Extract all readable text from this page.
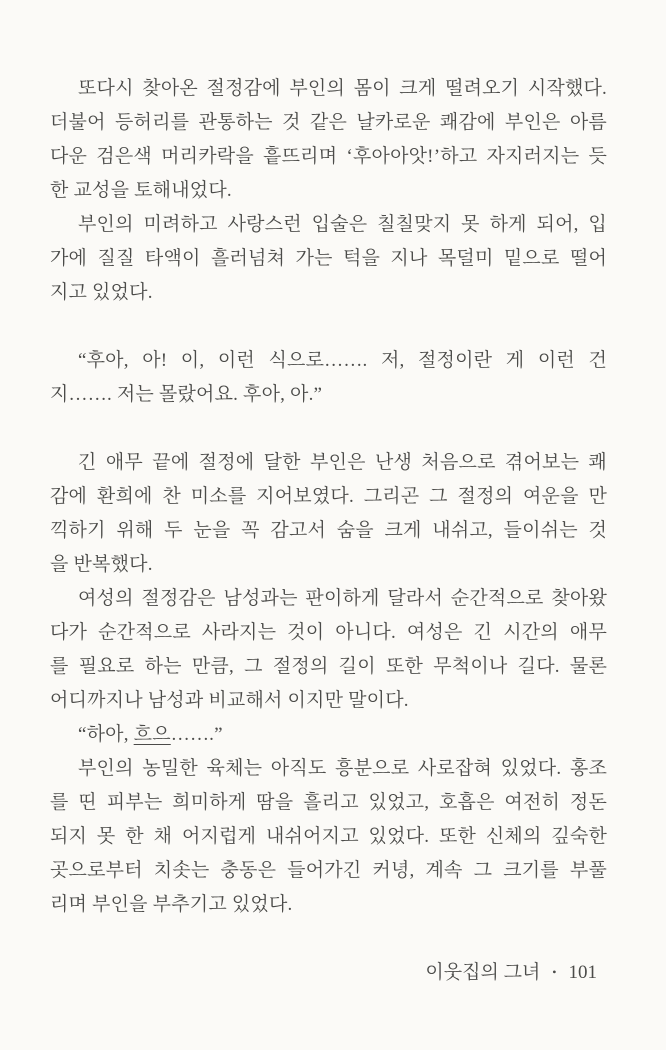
또다시 찾아온 절정감에 부인의 몸이 크게 떨려오기 시작했다.
더불어 등허리를 관통하는 것 같은 날카로운 쾌감에 부인은 아름
다운 검은색 머리카락을 흩뜨리며 ‘후아아앗!’하고 자지러지는 듯
한 교성을 토해내었다.
부인의 미려하고 사랑스런 입술은 칠칠맞지 못 하게 되어, 입
가에 질질 타액이 흘러넘쳐 가는 턱을 지나 목덜미 밑으로 떨어
지고 있었다.
“후아, 아! 이, 이런 식으로……. 저, 절정이란 게 이런 건
지……. 저는 몰랐어요. 후아, 아.”
긴 애무 끝에 절정에 달한 부인은 난생 처음으로 겪어보는 쾌
감에 환희에 찬 미소를 지어보였다. 그리곤 그 절정의 여운을 만
끽하기 위해 두 눈을 꼭 감고서 숨을 크게 내쉬고, 들이쉬는 것
을 반복했다.
여성의 절정감은 남성과는 판이하게 달라서 순간적으로 찾아왔
다가 순간적으로 사라지는 것이 아니다. 여성은 긴 시간의 애무
를 필요로 하는 만큼, 그 절정의 길이 또한 무척이나 길다. 물론
어디까지나 남성과 비교해서 이지만 말이다.
“하아, 흐으…….”
부인의 농밀한 육체는 아직도 흥분으로 사로잡혀 있었다. 홍조
를 띤 피부는 희미하게 땀을 흘리고 있었고, 호흡은 여전히 정돈
되지 못 한 채 어지럽게 내쉬어지고 있었다. 또한 신체의 깊숙한
곳으로부터 치솟는 충동은 들어가긴 커녕, 계속 그 크기를 부풀
리며 부인을 부추기고 있었다.
이웃집의 그녀 • 101
